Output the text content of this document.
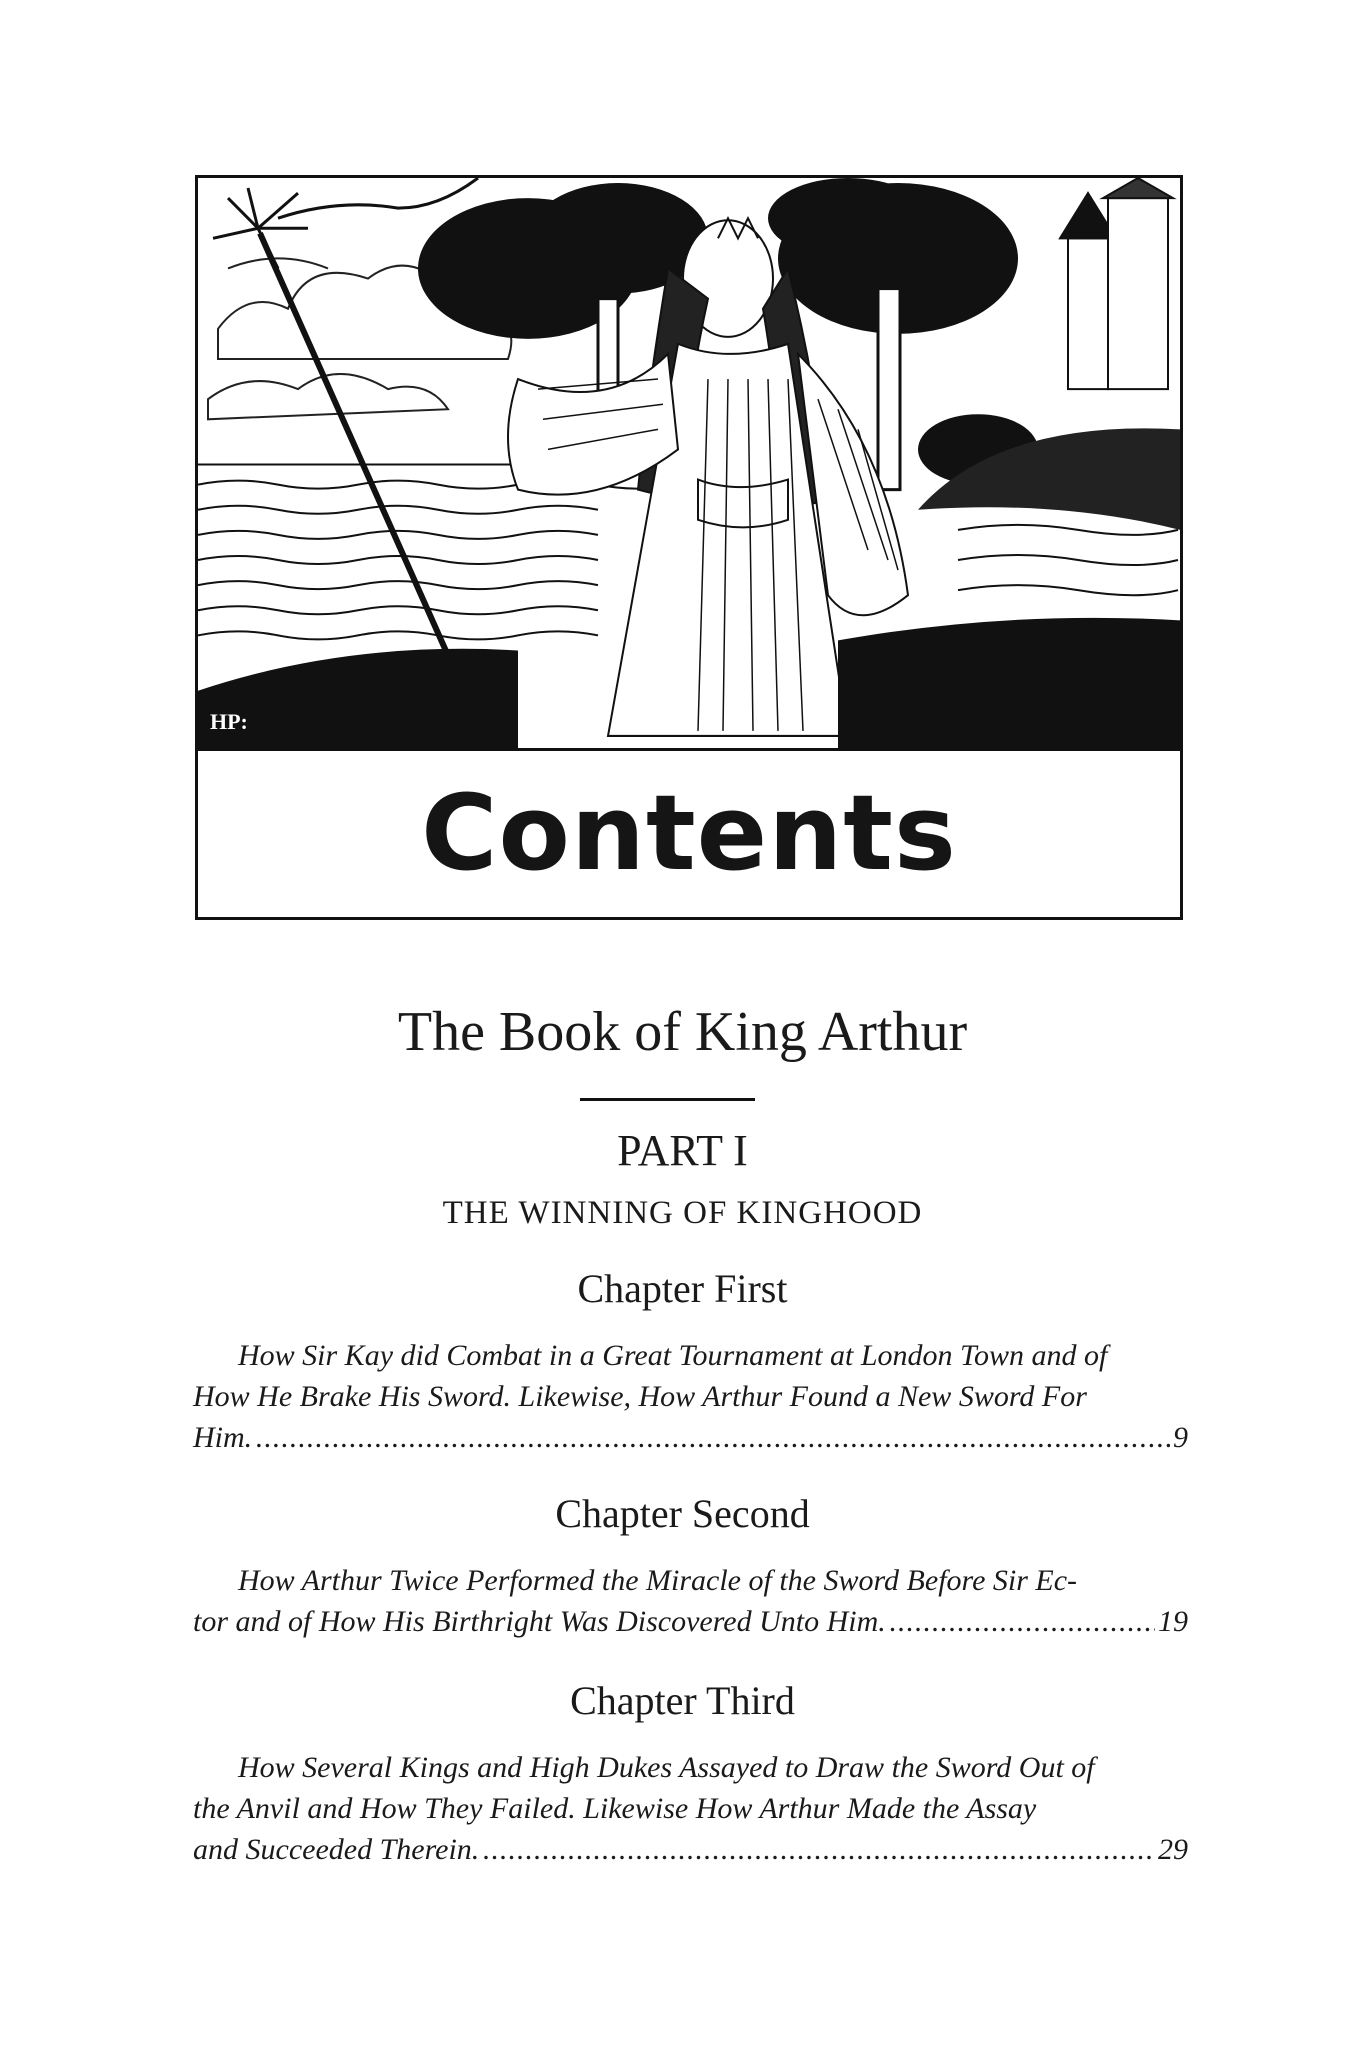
HP:
Contents
The Book of King Arthur
PART I
THE WINNING OF KINGHOOD
Chapter First
How Sir Kay did Combat in a Great Tournament at London Town and of
How He Brake His Sword. Likewise, How Arthur Found a New Sword For
Him. .....	9
Chapter Second
How Arthur Twice Performed the Miracle of the Sword Before Sir Ec-
tor and of How His Birthright Was Discovered Unto Him. .....	19
Chapter Third
How Several Kings and High Dukes Assayed to Draw the Sword Out of
the Anvil and How They Failed. Likewise How Arthur Made the Assay
and Succeeded Therein. .....	29
